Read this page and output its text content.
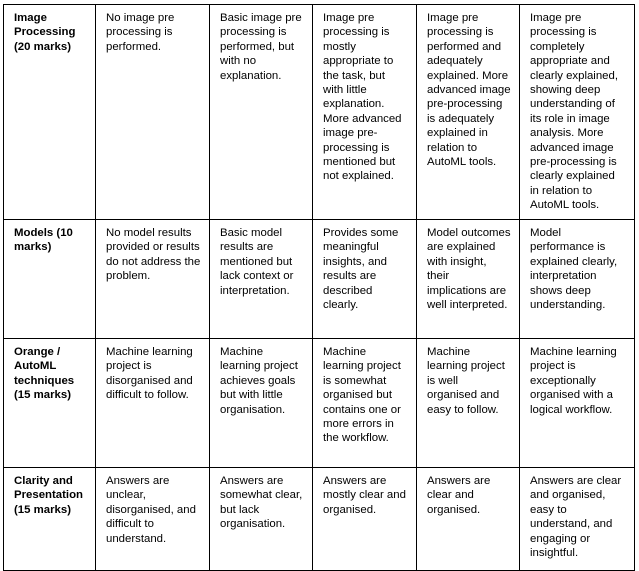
Image Processing (20 marks)	No image pre processing is performed.	Basic image pre processing is performed, but with no explanation.	Image pre processing is mostly appropriate to the task, but with little explanation. More advanced image pre-processing is mentioned but not explained.	Image pre processing is performed and adequately explained. More advanced image pre-processing is adequately explained in relation to AutoML tools.	Image pre processing is completely appropriate and clearly explained, showing deep understanding of its role in image analysis. More advanced image pre-processing is clearly explained in relation to AutoML tools.
Models (10 marks)	No model results provided or results do not address the problem.	Basic model results are mentioned but lack context or interpretation.	Provides some meaningful insights, and results are described clearly.	Model outcomes are explained with insight, their implications are well interpreted.	Model performance is explained clearly, interpretation shows deep understanding.
Orange / AutoML techniques (15 marks)	Machine learning project is disorganised and difficult to follow.	Machine learning project achieves goals but with little organisation.	Machine learning project is somewhat organised but contains one or more errors in the workflow.	Machine learning project is well organised and easy to follow.	Machine learning project is exceptionally organised with a logical workflow.
Clarity and Presentation (15 marks)	Answers are unclear, disorganised, and difficult to understand.	Answers are somewhat clear, but lack organisation.	Answers are mostly clear and organised.	Answers are clear and organised.	Answers are clear and organised, easy to understand, and engaging or insightful.
